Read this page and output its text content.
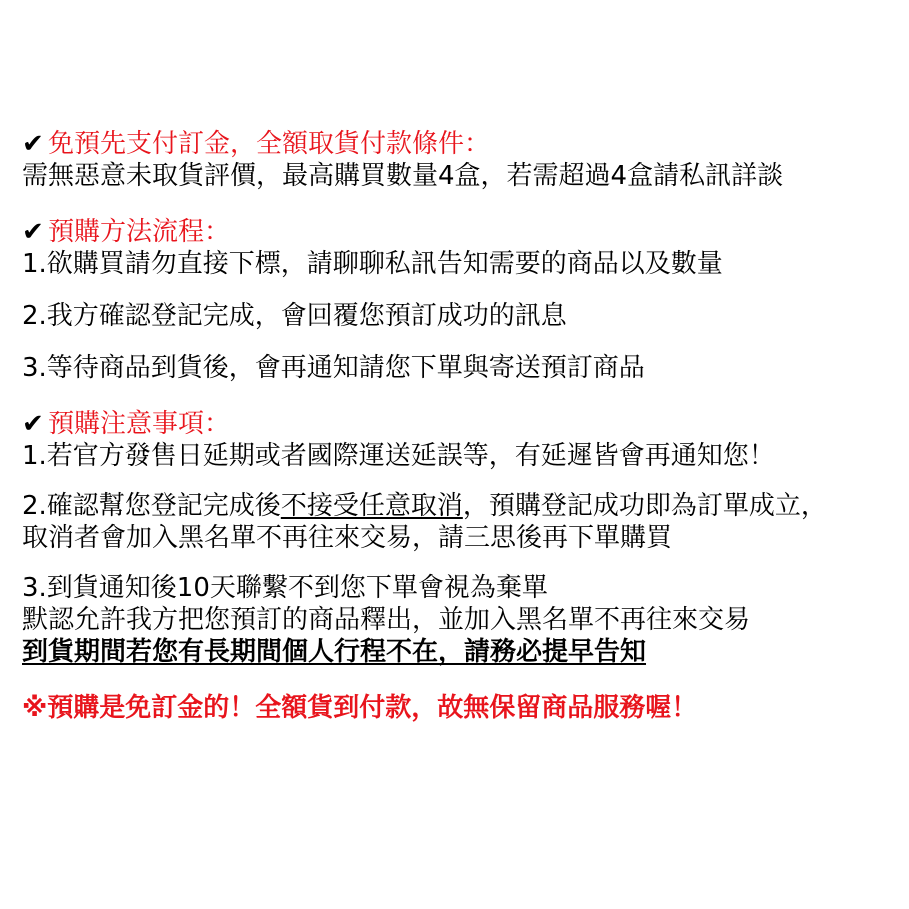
✔ 免預先支付訂金，全額取貨付款條件：
需無惡意未取貨評價，最高購買數量4盒，若需超過4盒請私訊詳談
✔ 預購方法流程：
1.欲購買請勿直接下標，請聊聊私訊告知需要的商品以及數量
2.我方確認登記完成，會回覆您預訂成功的訊息
3.等待商品到貨後，會再通知請您下單與寄送預訂商品
✔ 預購注意事項：
1.若官方發售日延期或者國際運送延誤等，有延遲皆會再通知您！
2.確認幫您登記完成後不接受任意取消，預購登記成功即為訂單成立，
取消者會加入黑名單不再往來交易，請三思後再下單購買
3.到貨通知後10天聯繫不到您下單會視為棄單
默認允許我方把您預訂的商品釋出，並加入黑名單不再往來交易
到貨期間若您有長期間個人行程不在，請務必提早告知
※預購是免訂金的！全額貨到付款，故無保留商品服務喔！
